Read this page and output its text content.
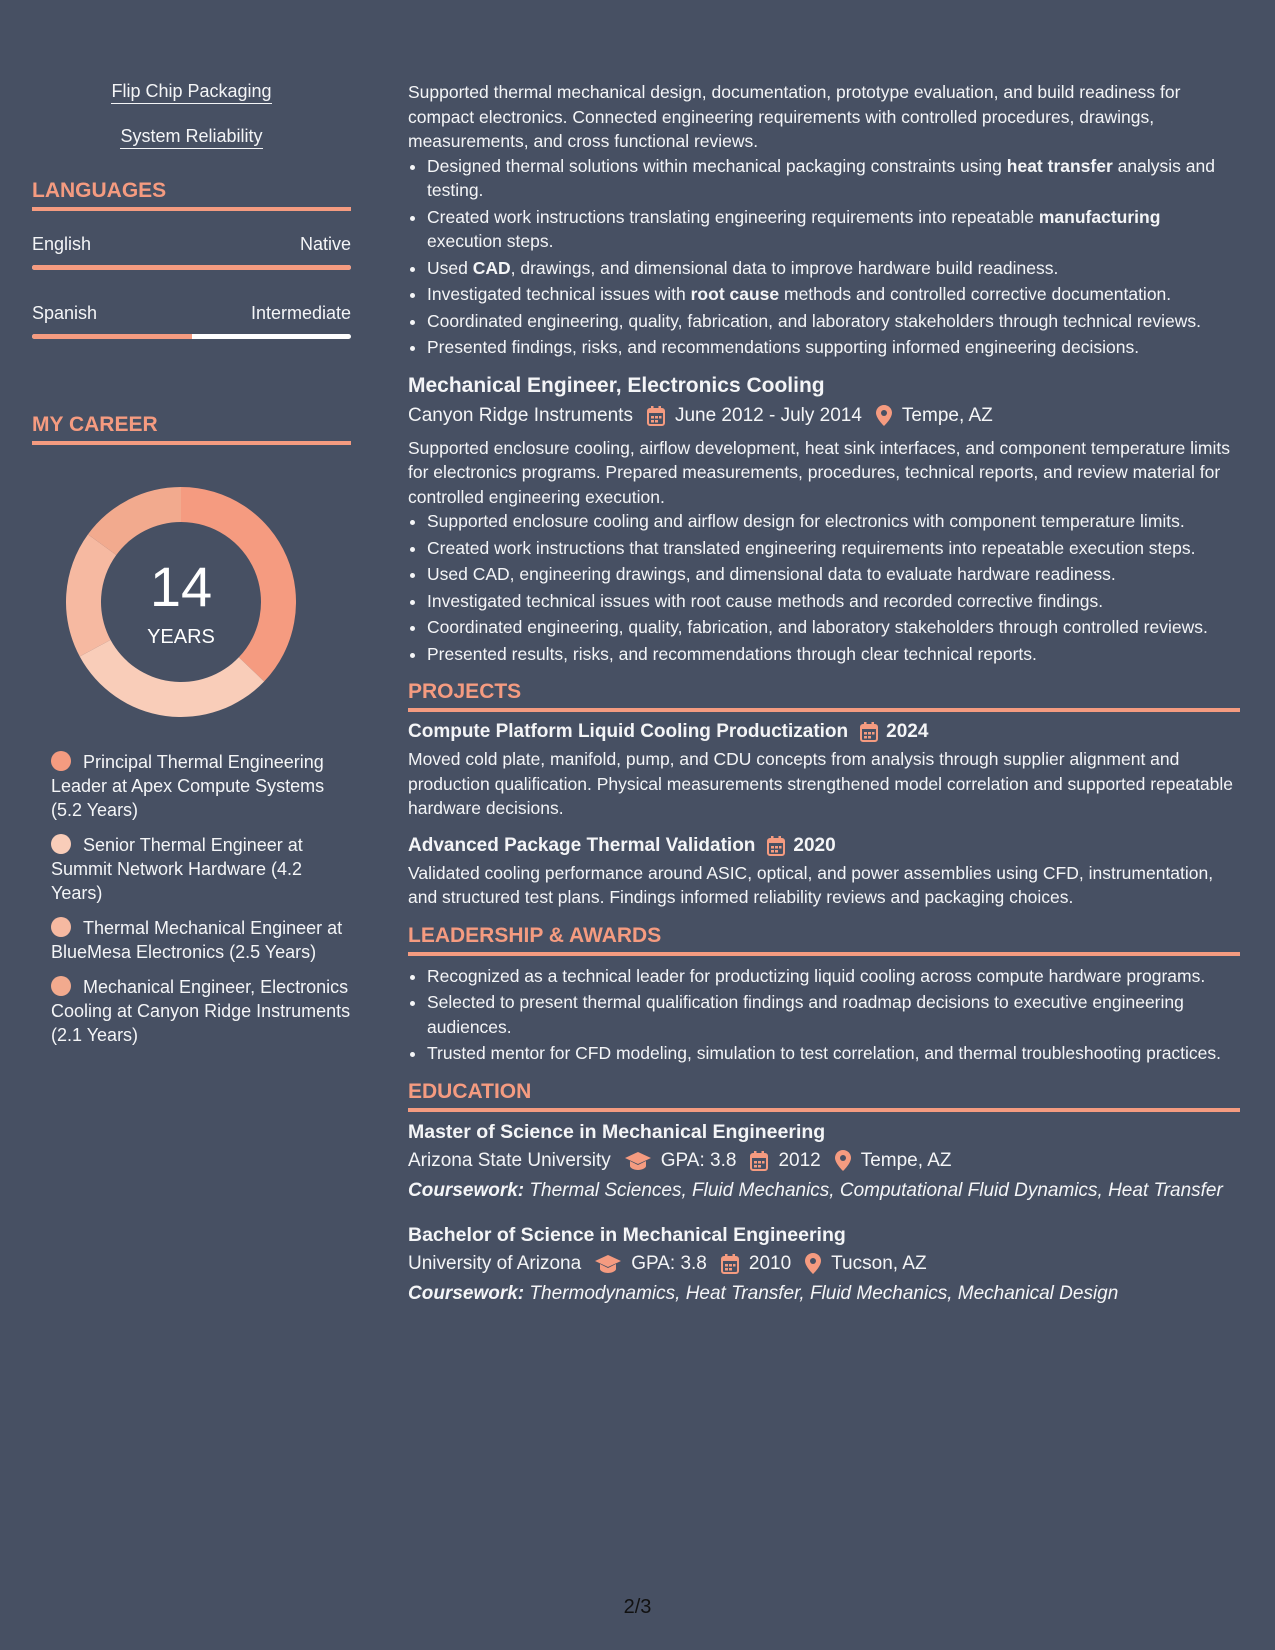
Flip Chip Packaging
System Reliability
LANGUAGES
English	Native
Spanish	Intermediate
MY CAREER
14
YEARS
Principal Thermal Engineering Leader at Apex Compute Systems (5.2 Years)
Senior Thermal Engineer at Summit Network Hardware (4.2 Years)
Thermal Mechanical Engineer at BlueMesa Electronics (2.5 Years)
Mechanical Engineer, Electronics Cooling at Canyon Ridge Instruments (2.1 Years)

Supported thermal mechanical design, documentation, prototype evaluation, and build readiness for compact electronics. Connected engineering requirements with controlled procedures, drawings, measurements, and cross functional reviews.

• Designed thermal solutions within mechanical packaging constraints using heat transfer analysis and testing.
• Created work instructions translating engineering requirements into repeatable manufacturing execution steps.
• Used CAD, drawings, and dimensional data to improve hardware build readiness.
• Investigated technical issues with root cause methods and controlled corrective documentation.
• Coordinated engineering, quality, fabrication, and laboratory stakeholders through technical reviews.
• Presented findings, risks, and recommendations supporting informed engineering decisions.
Mechanical Engineer, Electronics Cooling
Canyon Ridge Instruments June 2012 - July 2014 Tempe, AZ

Supported enclosure cooling, airflow development, heat sink interfaces, and component temperature limits for electronics programs. Prepared measurements, procedures, technical reports, and review material for controlled engineering execution.

• Supported enclosure cooling and airflow design for electronics with component temperature limits.
• Created work instructions that translated engineering requirements into repeatable execution steps.
• Used CAD, engineering drawings, and dimensional data to evaluate hardware readiness.
• Investigated technical issues with root cause methods and recorded corrective findings.
• Coordinated engineering, quality, fabrication, and laboratory stakeholders through controlled reviews.
• Presented results, risks, and recommendations through clear technical reports.
PROJECTS
Compute Platform Liquid Cooling Productization 2024

Moved cold plate, manifold, pump, and CDU concepts from analysis through supplier alignment and production qualification. Physical measurements strengthened model correlation and supported repeatable hardware decisions.

Advanced Package Thermal Validation 2020

Validated cooling performance around ASIC, optical, and power assemblies using CFD, instrumentation, and structured test plans. Findings informed reliability reviews and packaging choices.

LEADERSHIP & AWARDS
• Recognized as a technical leader for productizing liquid cooling across compute hardware programs.
• Selected to present thermal qualification findings and roadmap decisions to executive engineering audiences.
• Trusted mentor for CFD modeling, simulation to test correlation, and thermal troubleshooting practices.
EDUCATION
Master of Science in Mechanical Engineering
Arizona State University	GPA: 3.8 2012 Tempe, AZ

Coursework: Thermal Sciences, Fluid Mechanics, Computational Fluid Dynamics, Heat Transfer

Bachelor of Science in Mechanical Engineering
University of Arizona	GPA: 3.8 2010 Tucson, AZ

Coursework: Thermodynamics, Heat Transfer, Fluid Mechanics, Mechanical Design

2/3
